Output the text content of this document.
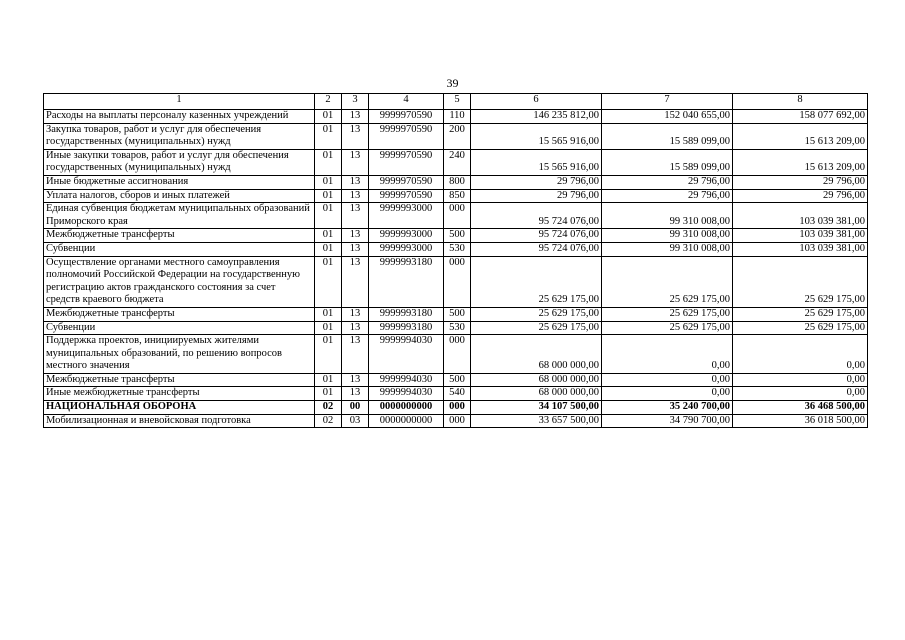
39
1	2	3	4	5	6	7	8
Расходы на выплаты персоналу казенных учреждений	01	13	9999970590	110	146 235 812,00	152 040 655,00	158 077 692,00
Закупка товаров, работ и услуг для обеспечения государственных (муниципальных) нужд	01	13	9999970590	200	15 565 916,00	15 589 099,00	15 613 209,00
Иные закупки товаров, работ и услуг для обеспечения государственных (муниципальных) нужд	01	13	9999970590	240	15 565 916,00	15 589 099,00	15 613 209,00
Иные бюджетные ассигнования	01	13	9999970590	800	29 796,00	29 796,00	29 796,00
Уплата налогов, сборов и иных платежей	01	13	9999970590	850	29 796,00	29 796,00	29 796,00
Единая субвенция бюджетам муниципальных образований Приморского края	01	13	9999993000	000	95 724 076,00	99 310 008,00	103 039 381,00
Межбюджетные трансферты	01	13	9999993000	500	95 724 076,00	99 310 008,00	103 039 381,00
Субвенции	01	13	9999993000	530	95 724 076,00	99 310 008,00	103 039 381,00
Осуществление органами местного самоуправления полномочий Российской Федерации на государственную регистрацию актов гражданского состояния за счет средств краевого бюджета	01	13	9999993180	000	25 629 175,00	25 629 175,00	25 629 175,00
Межбюджетные трансферты	01	13	9999993180	500	25 629 175,00	25 629 175,00	25 629 175,00
Субвенции	01	13	9999993180	530	25 629 175,00	25 629 175,00	25 629 175,00
Поддержка проектов, инициируемых жителями муниципальных образований, по решению вопросов местного значения	01	13	9999994030	000	68 000 000,00	0,00	0,00
Межбюджетные трансферты	01	13	9999994030	500	68 000 000,00	0,00	0,00
Иные межбюджетные трансферты	01	13	9999994030	540	68 000 000,00	0,00	0,00
НАЦИОНАЛЬНАЯ ОБОРОНА	02	00	0000000000	000	34 107 500,00	35 240 700,00	36 468 500,00
Мобилизационная и вневойсковая подготовка	02	03	0000000000	000	33 657 500,00	34 790 700,00	36 018 500,00
